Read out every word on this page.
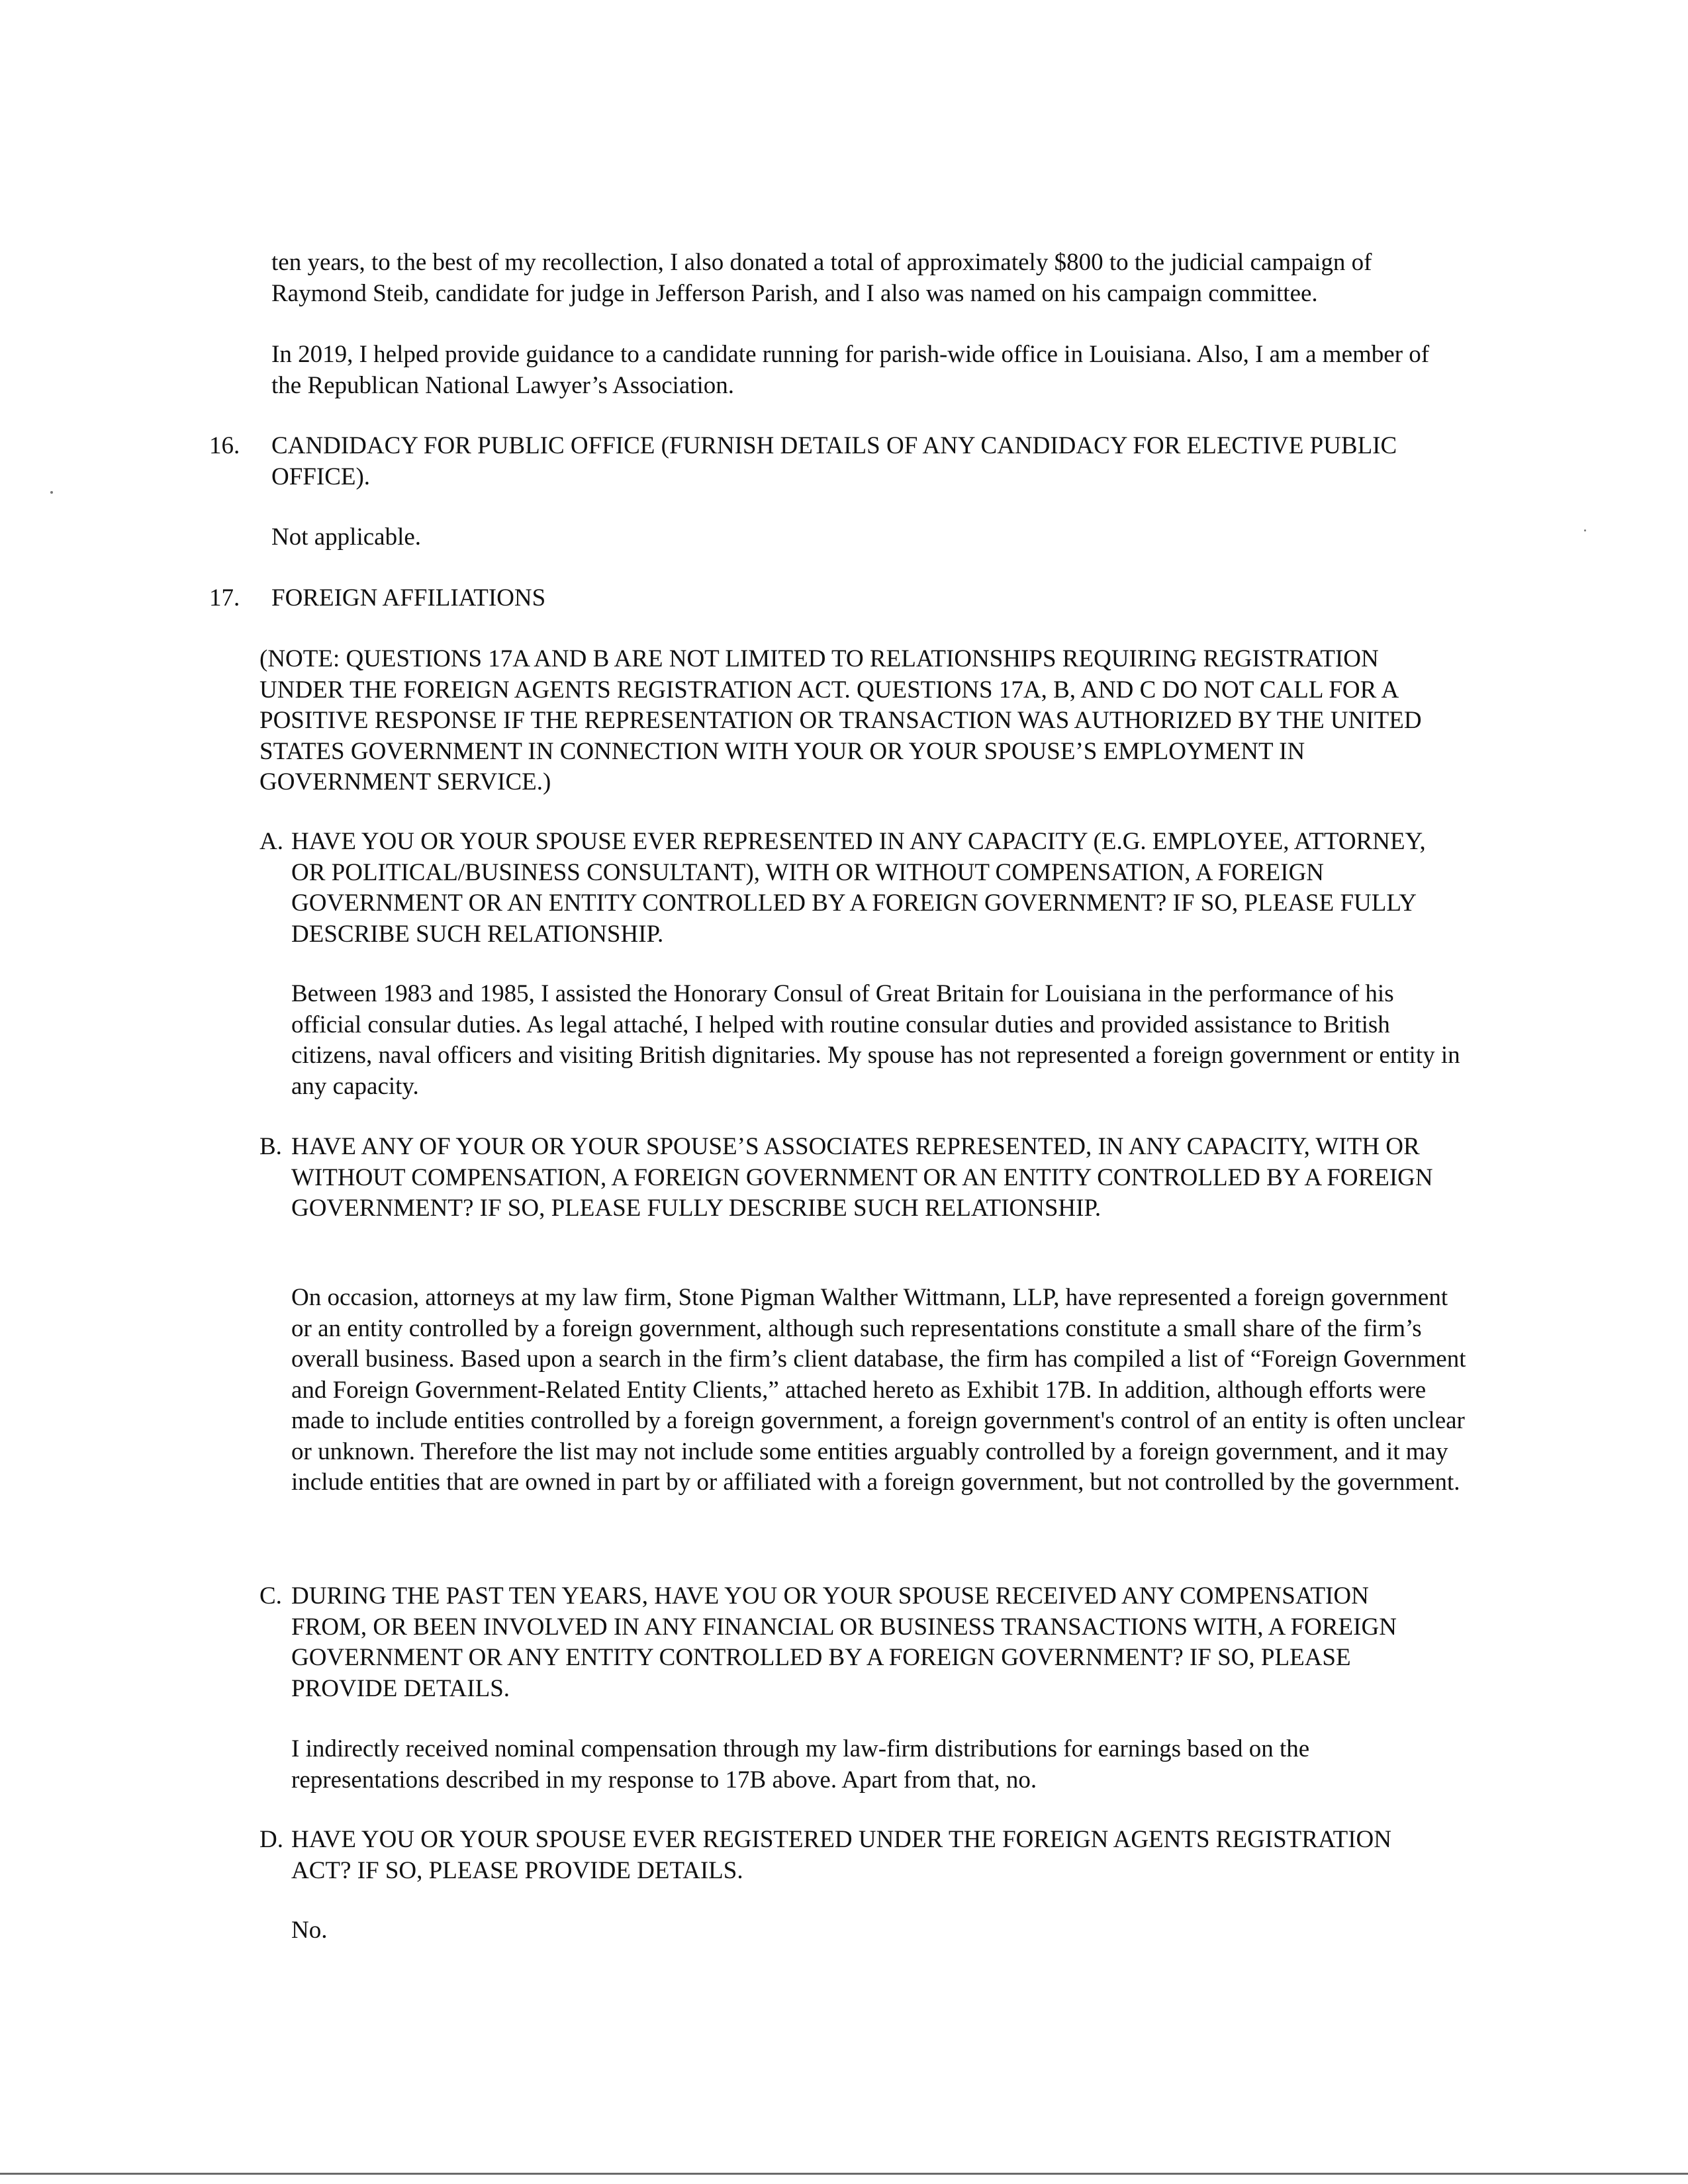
ten years, to the best of my recollection, I also donated a total of approximately $800 to the judicial campaign of Raymond Steib, candidate for judge in Jefferson Parish, and I also was named on his campaign committee.

In 2019, I helped provide guidance to a candidate running for parish-wide office in Louisiana. Also, I am a member of the Republican National Lawyer’s Association.

16. CANDIDACY FOR PUBLIC OFFICE (FURNISH DETAILS OF ANY CANDIDACY FOR ELECTIVE PUBLIC OFFICE).

Not applicable.

17. FOREIGN AFFILIATIONS

(NOTE: QUESTIONS 17A AND B ARE NOT LIMITED TO RELATIONSHIPS REQUIRING REGISTRATION UNDER THE FOREIGN AGENTS REGISTRATION ACT. QUESTIONS 17A, B, AND C DO NOT CALL FOR A POSITIVE RESPONSE IF THE REPRESENTATION OR TRANSACTION WAS AUTHORIZED BY THE UNITED STATES GOVERNMENT IN CONNECTION WITH YOUR OR YOUR SPOUSE’S EMPLOYMENT IN GOVERNMENT SERVICE.)

A. HAVE YOU OR YOUR SPOUSE EVER REPRESENTED IN ANY CAPACITY (E.G. EMPLOYEE, ATTORNEY, OR POLITICAL/BUSINESS CONSULTANT), WITH OR WITHOUT COMPENSATION, A FOREIGN GOVERNMENT OR AN ENTITY CONTROLLED BY A FOREIGN GOVERNMENT? IF SO, PLEASE FULLY DESCRIBE SUCH RELATIONSHIP.

Between 1983 and 1985, I assisted the Honorary Consul of Great Britain for Louisiana in the performance of his official consular duties. As legal attaché, I helped with routine consular duties and provided assistance to British citizens, naval officers and visiting British dignitaries. My spouse has not represented a foreign government or entity in any capacity.

B. HAVE ANY OF YOUR OR YOUR SPOUSE’S ASSOCIATES REPRESENTED, IN ANY CAPACITY, WITH OR WITHOUT COMPENSATION, A FOREIGN GOVERNMENT OR AN ENTITY CONTROLLED BY A FOREIGN GOVERNMENT? IF SO, PLEASE FULLY DESCRIBE SUCH RELATIONSHIP.

On occasion, attorneys at my law firm, Stone Pigman Walther Wittmann, LLP, have represented a foreign government or an entity controlled by a foreign government, although such representations constitute a small share of the firm’s overall business. Based upon a search in the firm’s client database, the firm has compiled a list of “Foreign Government and Foreign Government-Related Entity Clients,” attached hereto as Exhibit 17B. In addition, although efforts were made to include entities controlled by a foreign government, a foreign government's control of an entity is often unclear or unknown. Therefore the list may not include some entities arguably controlled by a foreign government, and it may include entities that are owned in part by or affiliated with a foreign government, but not controlled by the government.

C. DURING THE PAST TEN YEARS, HAVE YOU OR YOUR SPOUSE RECEIVED ANY COMPENSATION FROM, OR BEEN INVOLVED IN ANY FINANCIAL OR BUSINESS TRANSACTIONS WITH, A FOREIGN GOVERNMENT OR ANY ENTITY CONTROLLED BY A FOREIGN GOVERNMENT? IF SO, PLEASE PROVIDE DETAILS.

I indirectly received nominal compensation through my law-firm distributions for earnings based on the representations described in my response to 17B above. Apart from that, no.

D. HAVE YOU OR YOUR SPOUSE EVER REGISTERED UNDER THE FOREIGN AGENTS REGISTRATION ACT? IF SO, PLEASE PROVIDE DETAILS.

No.
